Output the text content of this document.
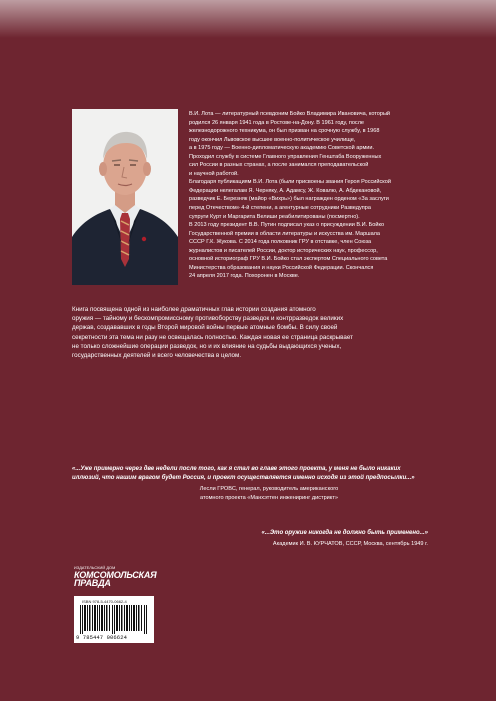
В.И. Лота — литературный псевдоним Бойко Владимира Ивановича, который

родился 26 января 1941 года в Ростове-на-Дону. В 1961 году, после

железнодорожного техникума, он был призван на срочную службу, в 1968

году окончил Львовское высшее военно-политическое училище,

а в 1975 году — Военно-дипломатическую академию Советской армии.

Проходил службу в системе Главного управления Генштаба Вооруженных

сил России в разных странах, а после занимался преподавательской

и научной работой.

Благодаря публикациям В.И. Лота (были присвоены звания Героя Российской

Федерации нелегалам Я. Черняку, А. Адамсу, Ж. Ковалю, А. Абдекановой,

разведчик Е. Березняк (майор «Вихрь») был награжден орденом «За заслуги

перед Отечеством» 4-й степени, а агентурные сотрудники Разведупра

супруги Курт и Маргарита Велиши реабилитированы (посмертно).

В 2013 году президент В.В. Путин подписал указ о присуждении В.И. Бойко

Государственной премии в области литературы и искусства им. Маршала

СССР Г.К. Жукова. С 2014 года полковник ГРУ в отставке, член Союза

журналистов и писателей России, доктор исторических наук, профессор,

основной историограф ГРУ В.И. Бойко стал экспертом Специального совета

Министерства образования и науки Российской Федерации. Скончался

24 апреля 2017 года. Похоронен в Москве.

Книга посвящена одной из наиболее драматичных глав истории создания атомного

оружия — тайному и бескомпромиссному противоборству разведок и контрразведок великих

держав, создававших в годы Второй мировой войны первые атомные бомбы. В силу своей

секретности эта тема ни разу не освещалась полностью. Каждая новая ее страница раскрывает

не только сложнейшие операции разведок, но и их влияние на судьбы выдающихся ученых,

государственных деятелей и всего человечества в целом.

«...Уже примерно через две недели после того, как я стал во главе этого проекта, у меня не было никаких
иллюзий, что нашим врагом будет Россия, и проект осуществляется именно исходя из этой предпосылки...»
Лесли ГРОВС, генерал, руководитель американского
атомного проекта «Манхэттен инжениринг дистрикт»
«...Это оружие никогда не должно быть применено...»
Академик И. В. КУРЧАТОВ, СССР, Москва, сентябрь 1949 г.
ИЗДАТЕЛЬСКИЙ ДОМ
КОМСОМОЛЬСКАЯ
ПРАВДА
ISBN 978-5-4470-0662-4
9 785447 006624
